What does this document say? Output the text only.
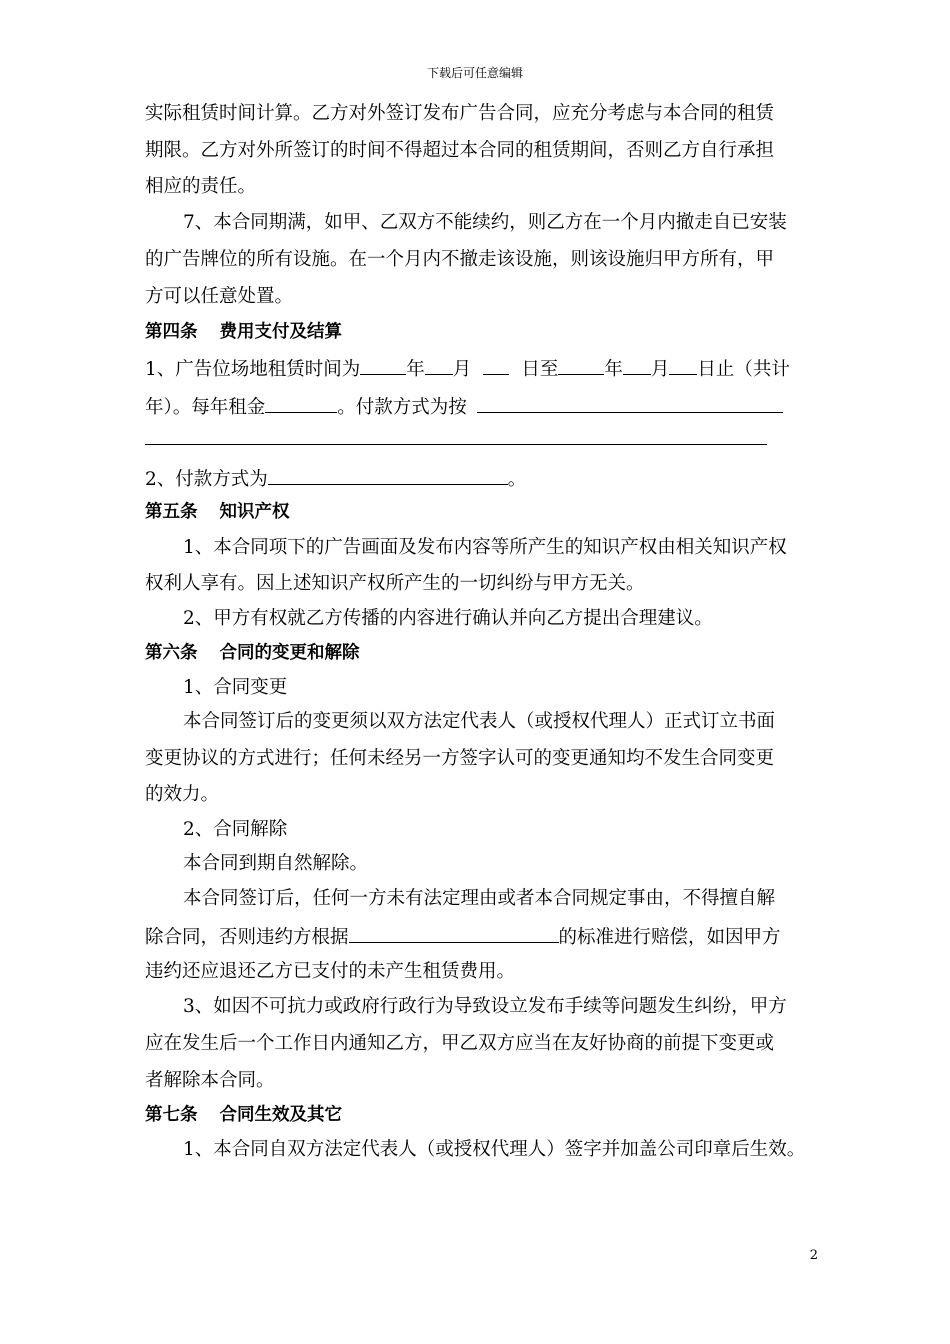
下载后可任意编辑
实际租赁时间计算。乙方对外签订发布广告合同，应充分考虑与本合同的租赁
期限。乙方对外所签订的时间不得超过本合同的租赁期间，否则乙方自行承担
相应的责任。
7、本合同期满，如甲、乙双方不能续约，则乙方在一个月内撤走自已安装
的广告牌位的所有设施。在一个月内不撤走该设施，则该设施归甲方所有，甲
方可以任意处置。
第四条 费用支付及结算
1、广告位场地租赁时间为 年 月	日至 年 月 日止（共计
年）。每年租金	。付款方式为按
2、付款方式为	。
第五条 知识产权
1、本合同项下的广告画面及发布内容等所产生的知识产权由相关知识产权
权利人享有。因上述知识产权所产生的一切纠纷与甲方无关。
2、甲方有权就乙方传播的内容进行确认并向乙方提出合理建议。
第六条 合同的变更和解除
1、合同变更
本合同签订后的变更须以双方法定代表人（或授权代理人）正式订立书面
变更协议的方式进行；任何未经另一方签字认可的变更通知均不发生合同变更
的效力。
2、合同解除
本合同到期自然解除。
本合同签订后，任何一方未有法定理由或者本合同规定事由，不得擅自解
除合同，否则违约方根据	的标准进行赔偿，如因甲方
违约还应退还乙方已支付的未产生租赁费用。
3、如因不可抗力或政府行政行为导致设立发布手续等问题发生纠纷，甲方
应在发生后一个工作日内通知乙方，甲乙双方应当在友好协商的前提下变更或
者解除本合同。
第七条 合同生效及其它
1、本合同自双方法定代表人（或授权代理人）签字并加盖公司印章后生效。
2
